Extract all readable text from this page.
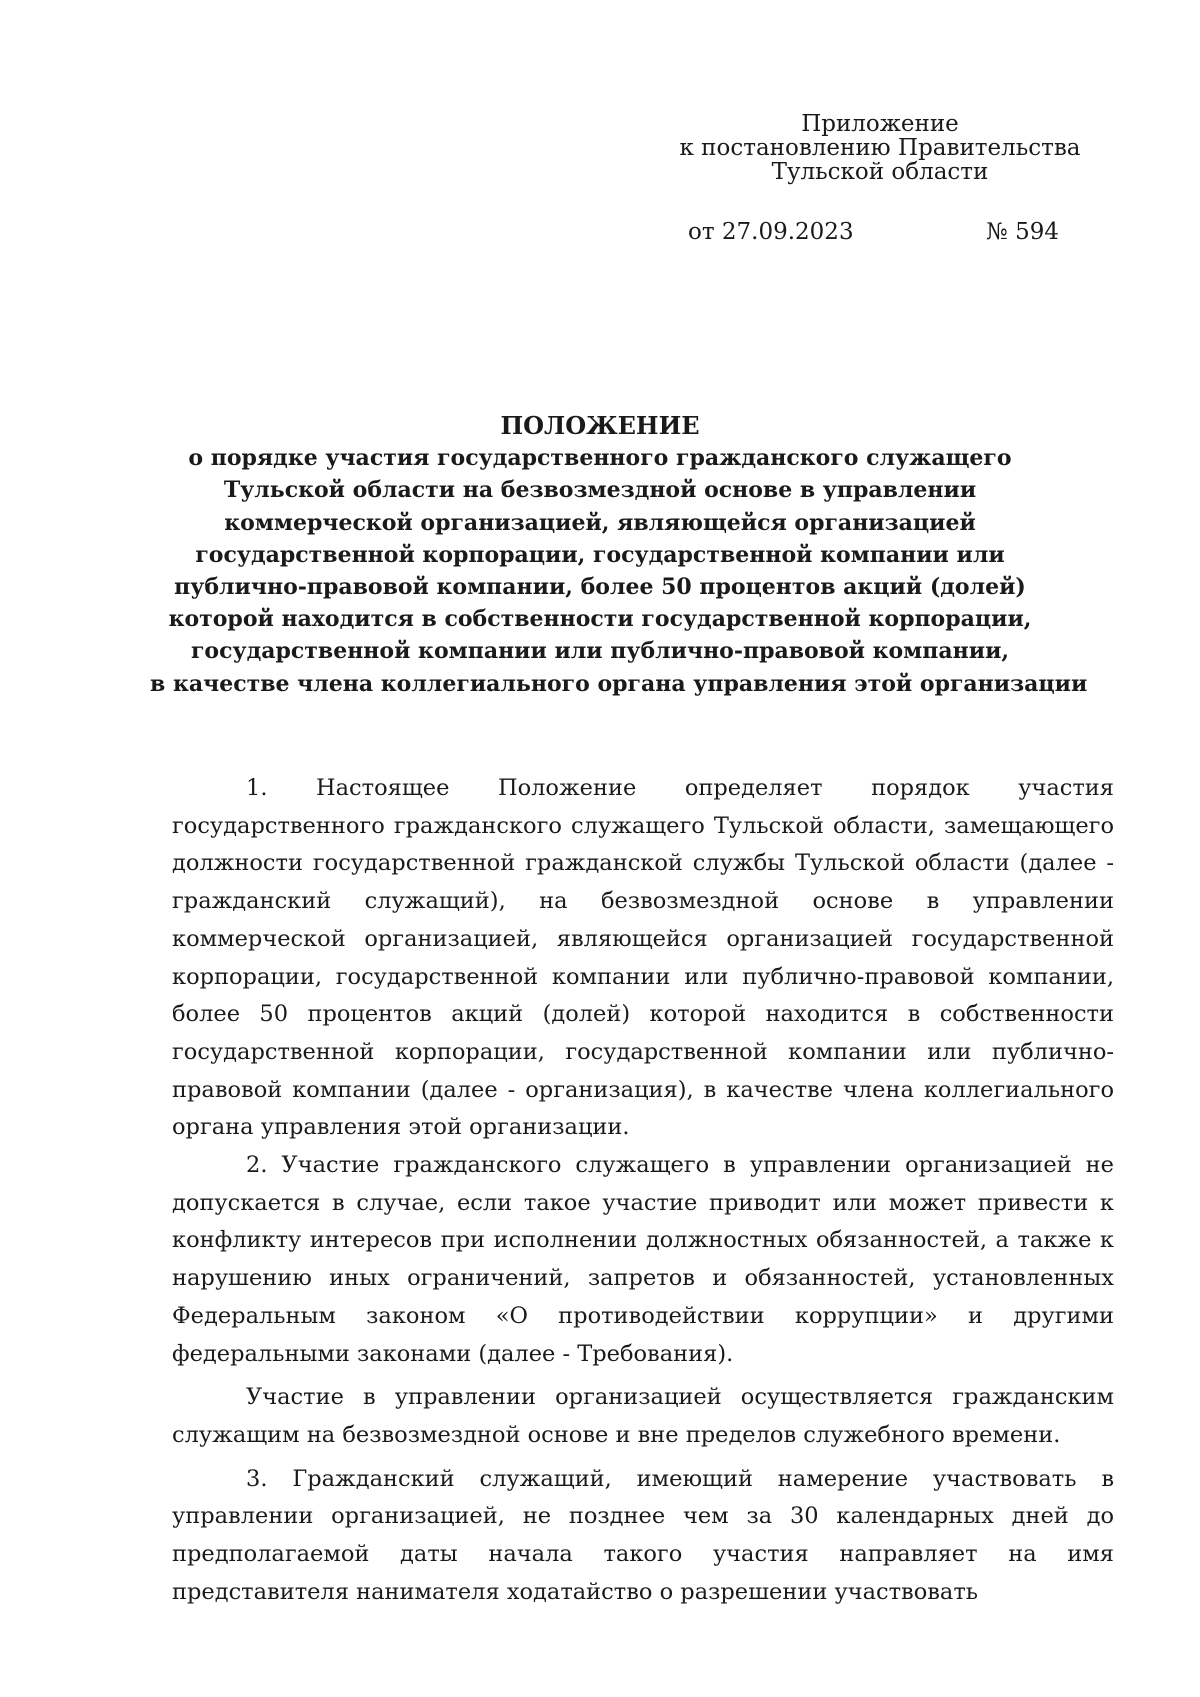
Приложение
к постановлению Правительства
Тульской области
от 27.09.2023	№ 594
ПОЛОЖЕНИЕ
о порядке участия государственного гражданского служащего
Тульской области на безвозмездной основе в управлении
коммерческой организацией, являющейся организацией
государственной корпорации, государственной компании или
публично-правовой компании, более 50 процентов акций (долей)
которой находится в собственности государственной корпорации,
государственной компании или публично-правовой компании,
в качестве члена коллегиального органа управления этой организации

1. Настоящее Положение определяет порядок участия государственного гражданского служащего Тульской области, замещающего должности государственной гражданской службы Тульской области (далее - гражданский служащий), на безвозмездной основе в управлении коммерческой организацией, являющейся организацией государственной корпорации, государственной компании или публично-правовой компании, более 50 процентов акций (долей) которой находится в собственности государственной корпорации, государственной компании или публично-правовой компании (далее - организация), в качестве члена коллегиального органа управления этой организации.

2. Участие гражданского служащего в управлении организацией не допускается в случае, если такое участие приводит или может привести к конфликту интересов при исполнении должностных обязанностей, а также к нарушению иных ограничений, запретов и обязанностей, установленных Федеральным законом «О противодействии коррупции» и другими федеральными законами (далее - Требования).

Участие в управлении организацией осуществляется гражданским служащим на безвозмездной основе и вне пределов служебного времени.

3. Гражданский служащий, имеющий намерение участвовать в управлении организацией, не позднее чем за 30 календарных дней до предполагаемой даты начала такого участия направляет на имя представителя нанимателя ходатайство о разрешении участвовать
